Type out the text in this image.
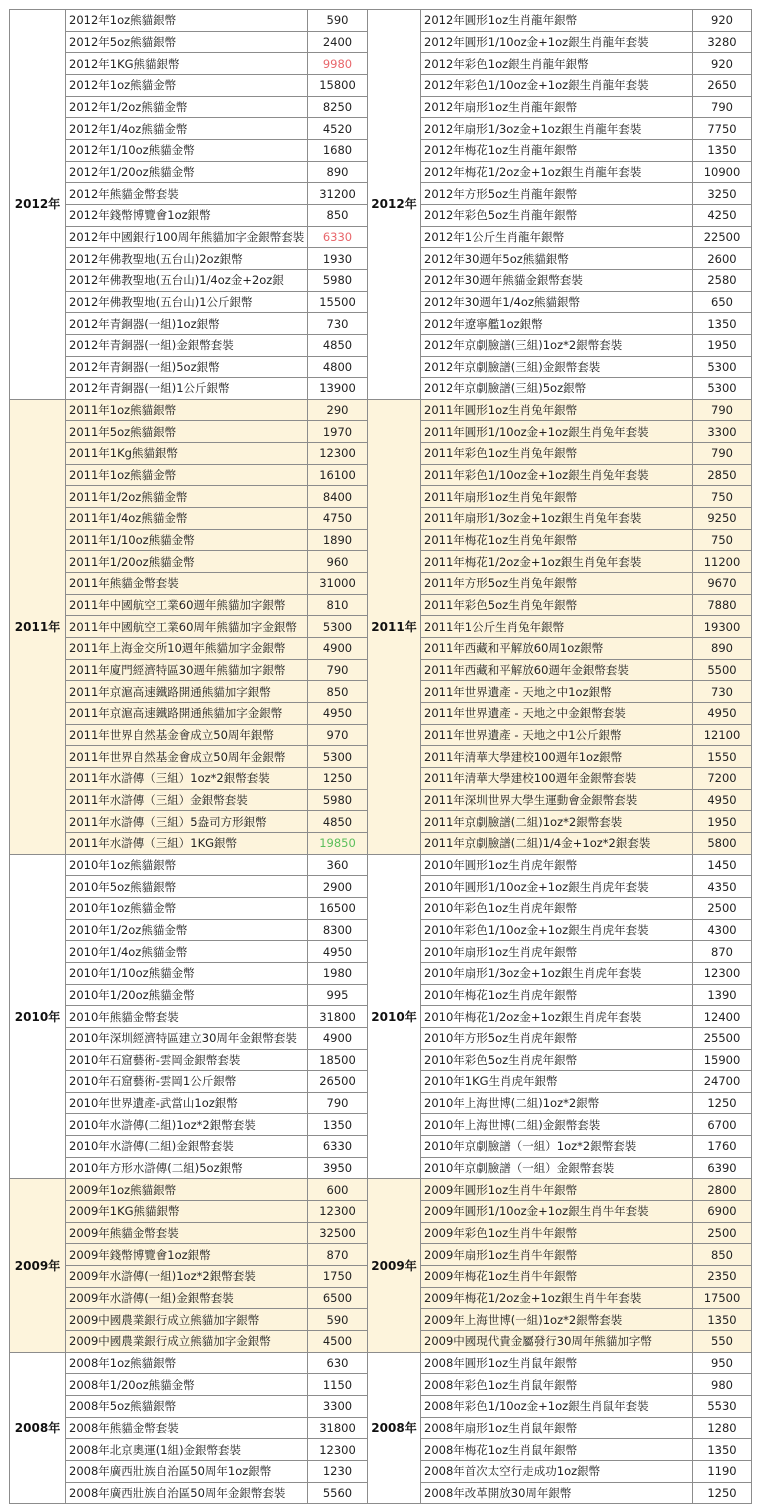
2012年	2012年1oz熊貓銀幣	590	2012年	2012年圓形1oz生肖龍年銀幣	920
	2012年5oz熊貓銀幣	2400		2012年圓形1/10oz金+1oz銀生肖龍年套裝	3280
	2012年1KG熊貓銀幣	9980		2012年彩色1oz銀生肖龍年銀幣	920
	2012年1oz熊貓金幣	15800		2012年彩色1/10oz金+1oz銀生肖龍年套裝	2650
	2012年1/2oz熊貓金幣	8250		2012年扇形1oz生肖龍年銀幣	790
	2012年1/4oz熊貓金幣	4520		2012年扇形1/3oz金+1oz銀生肖龍年套裝	7750
	2012年1/10oz熊貓金幣	1680		2012年梅花1oz生肖龍年銀幣	1350
	2012年1/20oz熊貓金幣	890		2012年梅花1/2oz金+1oz銀生肖龍年套裝	10900
	2012年熊貓金幣套裝	31200		2012年方形5oz生肖龍年銀幣	3250
	2012年錢幣博覽會1oz銀幣	850		2012年彩色5oz生肖龍年銀幣	4250
	2012年中國銀行100周年熊貓加字金銀幣套裝	6330		2012年1公斤生肖龍年銀幣	22500
	2012年佛教聖地(五台山)2oz銀幣	1930		2012年30週年5oz熊貓銀幣	2600
	2012年佛教聖地(五台山)1/4oz金+2oz銀	5980		2012年30週年熊貓金銀幣套裝	2580
	2012年佛教聖地(五台山)1公斤銀幣	15500		2012年30週年1/4oz熊貓銀幣	650
	2012年青銅器(一組)1oz銀幣	730		2012年遼寧艦1oz銀幣	1350
	2012年青銅器(一組)金銀幣套裝	4850		2012年京劇臉譜(三組)1oz*2銀幣套裝	1950
	2012年青銅器(一組)5oz銀幣	4800		2012年京劇臉譜(三組)金銀幣套裝	5300
	2012年青銅器(一組)1公斤銀幣	13900		2012年京劇臉譜(三組)5oz銀幣	5300
2011年	2011年1oz熊貓銀幣	290	2011年	2011年圓形1oz生肖兔年銀幣	790
	2011年5oz熊貓銀幣	1970		2011年圓形1/10oz金+1oz銀生肖兔年套裝	3300
	2011年1Kg熊貓銀幣	12300		2011年彩色1oz生肖兔年銀幣	790
	2011年1oz熊貓金幣	16100		2011年彩色1/10oz金+1oz銀生肖兔年套裝	2850
	2011年1/2oz熊貓金幣	8400		2011年扇形1oz生肖兔年銀幣	750
	2011年1/4oz熊貓金幣	4750		2011年扇形1/3oz金+1oz銀生肖兔年套裝	9250
	2011年1/10oz熊貓金幣	1890		2011年梅花1oz生肖兔年銀幣	750
	2011年1/20oz熊貓金幣	960		2011年梅花1/2oz金+1oz銀生肖兔年套裝	11200
	2011年熊貓金幣套裝	31000		2011年方形5oz生肖兔年銀幣	9670
	2011年中國航空工業60週年熊貓加字銀幣	810		2011年彩色5oz生肖兔年銀幣	7880
	2011年中國航空工業60周年熊貓加字金銀幣	5300		2011年1公斤生肖兔年銀幣	19300
	2011年上海金交所10週年熊貓加字金銀幣	4900		2011年西藏和平解放60周1oz銀幣	890
	2011年廈門經濟特區30週年熊貓加字銀幣	790		2011年西藏和平解放60週年金銀幣套裝	5500
	2011年京滬高速鐵路開通熊貓加字銀幣	850		2011年世界遺產 - 天地之中1oz銀幣	730
	2011年京滬高速鐵路開通熊貓加字金銀幣	4950		2011年世界遺產 - 天地之中金銀幣套裝	4950
	2011年世界自然基金會成立50周年銀幣	970		2011年世界遺產 - 天地之中1公斤銀幣	12100
	2011年世界自然基金會成立50周年金銀幣	5300		2011年清華大學建校100週年1oz銀幣	1550
	2011年水滸傳（三組）1oz*2銀幣套裝	1250		2011年清華大學建校100週年金銀幣套裝	7200
	2011年水滸傳（三組）金銀幣套裝	5980		2011年深圳世界大學生運動會金銀幣套裝	4950
	2011年水滸傳（三組）5盎司方形銀幣	4850		2011年京劇臉譜(二組)1oz*2銀幣套裝	1950
	2011年水滸傳（三組）1KG銀幣	19850		2011年京劇臉譜(二組)1/4金+1oz*2銀套裝	5800
2010年	2010年1oz熊貓銀幣	360	2010年	2010年圓形1oz生肖虎年銀幣	1450
	2010年5oz熊貓銀幣	2900		2010年圓形1/10oz金+1oz銀生肖虎年套裝	4350
	2010年1oz熊貓金幣	16500		2010年彩色1oz生肖虎年銀幣	2500
	2010年1/2oz熊貓金幣	8300		2010年彩色1/10oz金+1oz銀生肖虎年套裝	4300
	2010年1/4oz熊貓金幣	4950		2010年扇形1oz生肖虎年銀幣	870
	2010年1/10oz熊貓金幣	1980		2010年扇形1/3oz金+1oz銀生肖虎年套裝	12300
	2010年1/20oz熊貓金幣	995		2010年梅花1oz生肖虎年銀幣	1390
	2010年熊貓金幣套裝	31800		2010年梅花1/2oz金+1oz銀生肖虎年套裝	12400
	2010年深圳經濟特區建立30周年金銀幣套裝	4900		2010年方形5oz生肖虎年銀幣	25500
	2010年石窟藝術-雲岡金銀幣套裝	18500		2010年彩色5oz生肖虎年銀幣	15900
	2010年石窟藝術-雲岡1公斤銀幣	26500		2010年1KG生肖虎年銀幣	24700
	2010年世界遺產-武當山1oz銀幣	790		2010年上海世博(二組)1oz*2銀幣	1250
	2010年水滸傳(二組)1oz*2銀幣套裝	1350		2010年上海世博(二組)金銀幣套裝	6700
	2010年水滸傳(二組)金銀幣套裝	6330		2010年京劇臉譜（一組）1oz*2銀幣套裝	1760
	2010年方形水滸傳(二組)5oz銀幣	3950		2010年京劇臉譜（一組）金銀幣套裝	6390
2009年	2009年1oz熊貓銀幣	600	2009年	2009年圓形1oz生肖牛年銀幣	2800
	2009年1KG熊貓銀幣	12300		2009年圓形1/10oz金+1oz銀生肖牛年套裝	6900
	2009年熊貓金幣套裝	32500		2009年彩色1oz生肖牛年銀幣	2500
	2009年錢幣博覽會1oz銀幣	870		2009年扇形1oz生肖牛年銀幣	850
	2009年水滸傳(一組)1oz*2銀幣套裝	1750		2009年梅花1oz生肖牛年銀幣	2350
	2009年水滸傳(一組)金銀幣套裝	6500		2009年梅花1/2oz金+1oz銀生肖牛年套裝	17500
	2009中國農業銀行成立熊貓加字銀幣	590		2009年上海世博(一組)1oz*2銀幣套裝	1350
	2009中國農業銀行成立熊貓加字金銀幣	4500		2009中國現代貴金屬發行30周年熊貓加字幣	550
2008年	2008年1oz熊貓銀幣	630	2008年	2008年圓形1oz生肖鼠年銀幣	950
	2008年1/20oz熊貓金幣	1150		2008年彩色1oz生肖鼠年銀幣	980
	2008年5oz熊貓銀幣	3300		2008年彩色1/10oz金+1oz銀生肖鼠年套裝	5530
	2008年熊貓金幣套裝	31800		2008年扇形1oz生肖鼠年銀幣	1280
	2008年北京奧運(1組)金銀幣套裝	12300		2008年梅花1oz生肖鼠年銀幣	1350
	2008年廣西壯族自治區50周年1oz銀幣	1230		2008年首次太空行走成功1oz銀幣	1190
	2008年廣西壯族自治區50周年金銀幣套裝	5560		2008年改革開放30周年銀幣	1250
